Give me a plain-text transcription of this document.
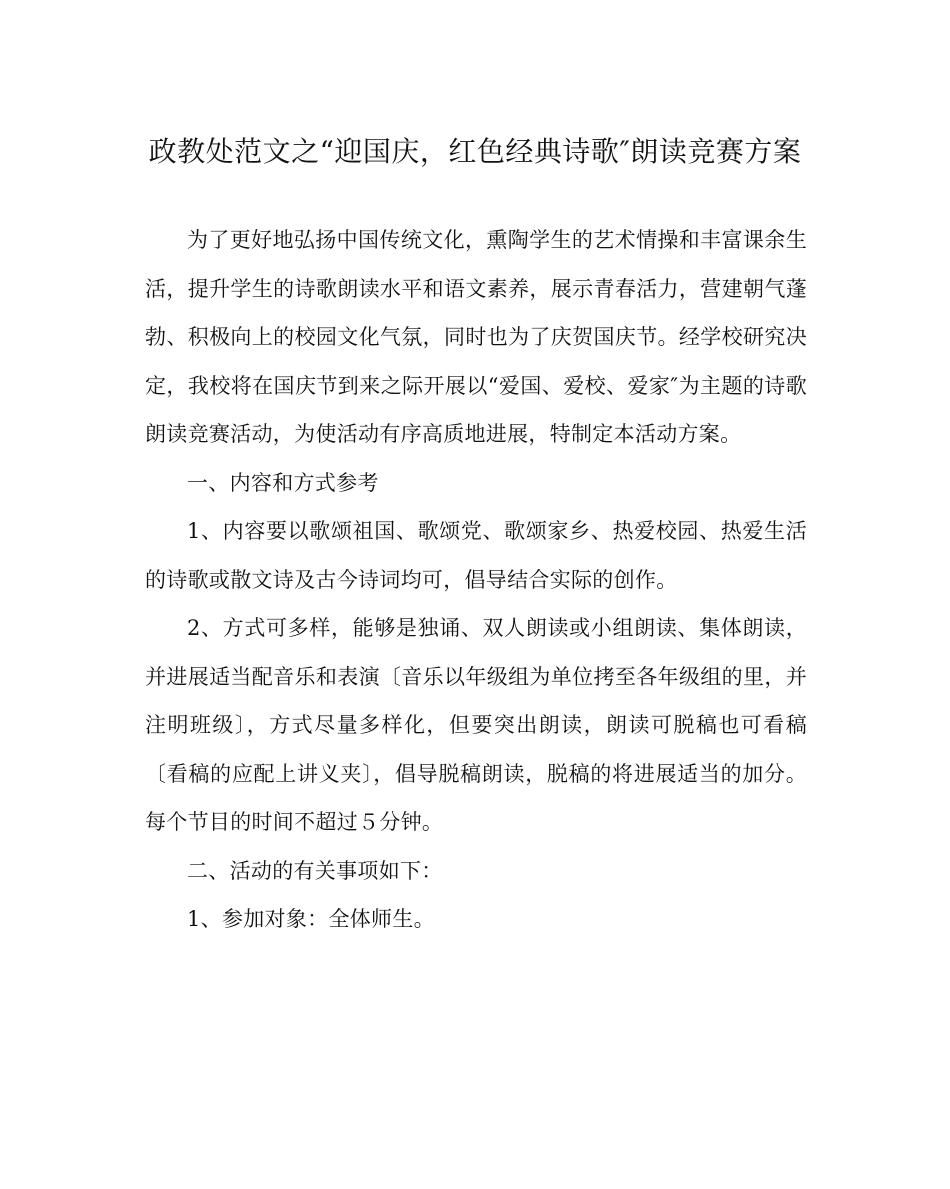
政教处范文之“迎国庆，红色经典诗歌″朗读竞赛方案

为了更好地弘扬中国传统文化，熏陶学生的艺术情操和丰富课余生活，提升学生的诗歌朗读水平和语文素养，展示青春活力，营建朝气蓬勃、积极向上的校园文化气氛，同时也为了庆贺国庆节。经学校研究决定，我校将在国庆节到来之际开展以“爱国、爱校、爱家″为主题的诗歌朗读竞赛活动，为使活动有序高质地进展，特制定本活动方案。

一、内容和方式参考

1、内容要以歌颂祖国、歌颂党、歌颂家乡、热爱校园、热爱生活的诗歌或散文诗及古今诗词均可，倡导结合实际的创作。

2、方式可多样，能够是独诵、双人朗读或小组朗读、集体朗读，并进展适当配音乐和表演〔音乐以年级组为单位拷至各年级组的里，并注明班级〕，方式尽量多样化，但要突出朗读，朗读可脱稿也可看稿〔看稿的应配上讲义夹〕，倡导脱稿朗读，脱稿的将进展适当的加分。每个节目的时间不超过５分钟。

二、活动的有关事项如下：

1、参加对象：全体师生。
